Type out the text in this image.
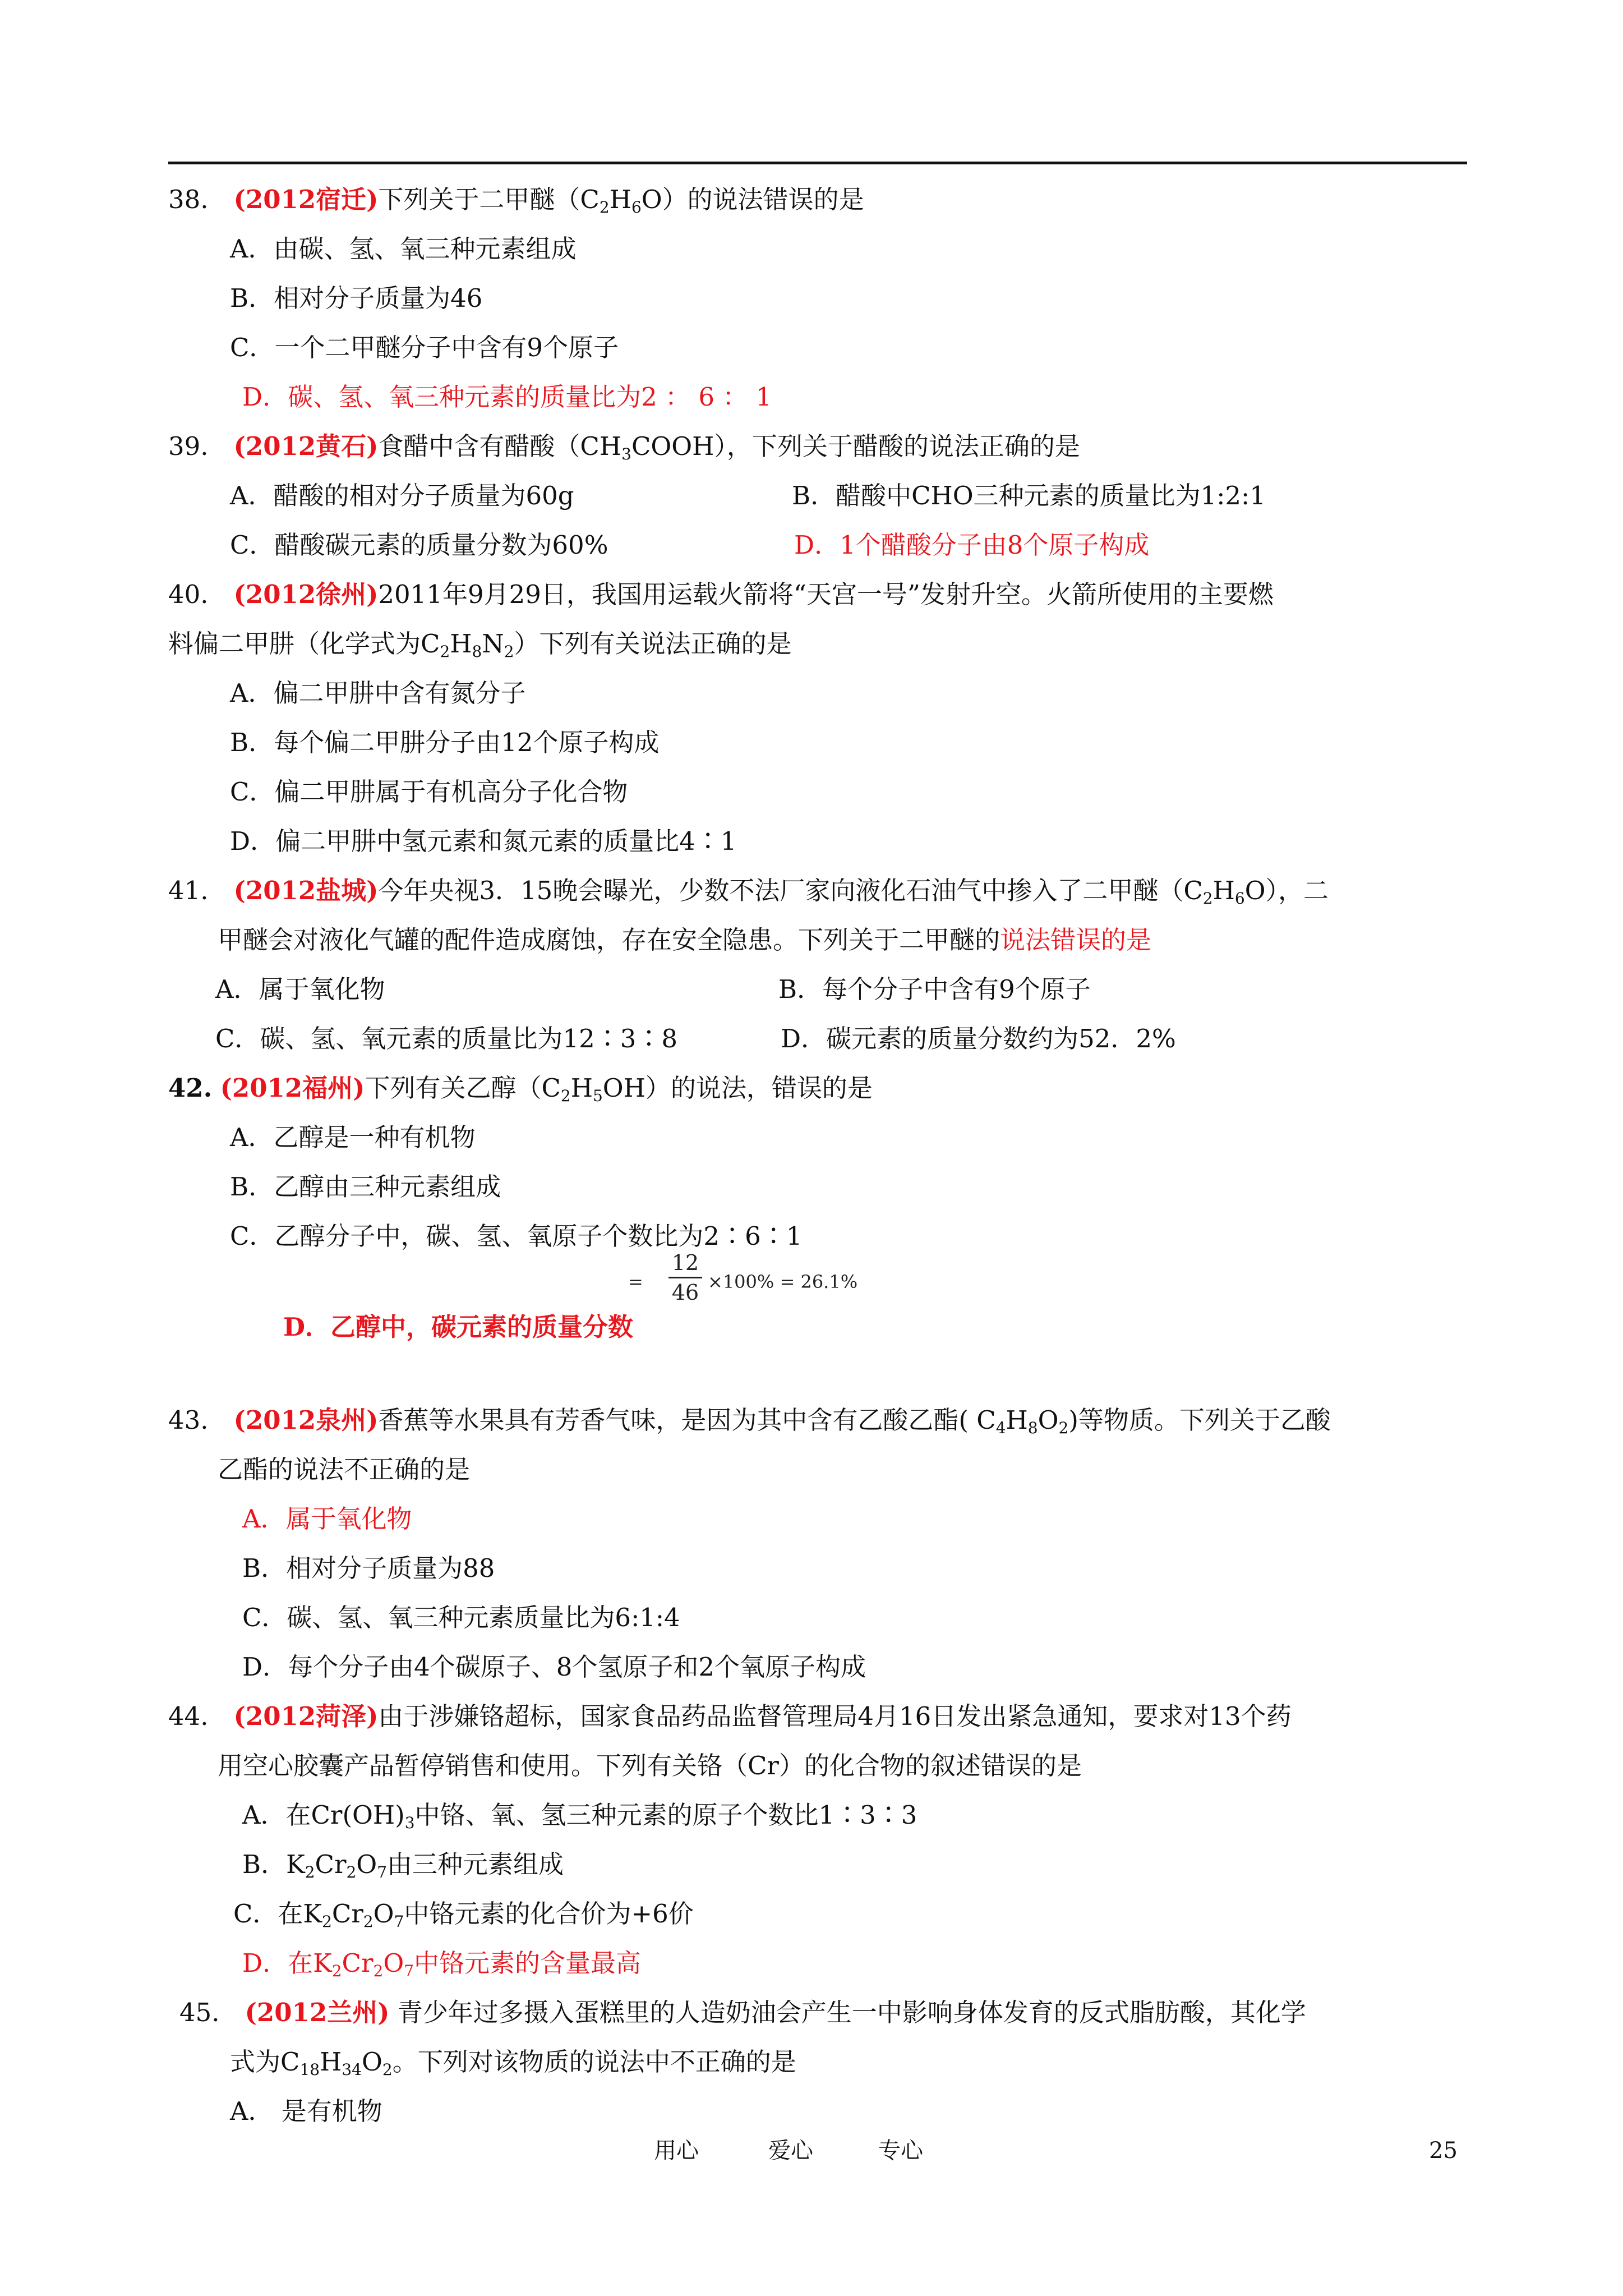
38.　 (2012宿迁)下列关于二甲醚$(C_2H_6O)$的说法错误的是
A．由碳、氢、氧三种元素组成
B．相对分子质量为46
C．一个二甲醚分子中含有9个原子
D．碳、氢、氧三种元素的质量比为2 ： 6 ： 1
39.　 (2012黄石)食醋中含有醋酸$(CH_3COOH)$，下列关于醋酸的说法正确的是
A．醋酸的相对分子质量为60g	B．醋酸中CHO三种元素的质量比为1:2:1
C．醋酸碳元素的质量分数为60%	D．1个醋酸分子由8个原子构成
40.　 (2012徐州)2011年9月29日，我国用运载火箭将“天宫一号”发射升空。火箭所使用的主要燃
料偏二甲肼（化学式为$C_2H_8N_2$）下列有关说法正确的是
A．偏二甲肼中含有氮分子
B．每个偏二甲肼分子由12个原子构成
C．偏二甲肼属于有机高分子化合物
D．偏二甲肼中氢元素和氮元素的质量比4∶1
41.　 (2012盐城)今年央视3．15晚会曝光，少数不法厂家向液化石油气中掺入了二甲醚$(C_2H_6O)$，二
甲醚会对液化气罐的配件造成腐蚀，存在安全隐患。下列关于二甲醚的说法错误的是
A．属于氧化物	B．每个分子中含有9个原子
C．碳、氢、氧元素的质量比为12∶3∶8	D．碳元素的质量分数约为52．2%
42. (2012福州)下列有关乙醇$(C_2H_5OH)$的说法，错误的是
A．乙醇是一种有机物
B．乙醇由三种元素组成
C．乙醇分子中，碳、氢、氧原子个数比为2∶6∶1
=
12
46 ×100% = 26.1%
D．乙醇中，碳元素的质量分数
43.　 (2012泉州)香蕉等水果具有芳香气味，是因为其中含有乙酸乙酯( $C_4H_8O_2$)等物质。下列关于乙酸
乙酯的说法不正确的是
A．属于氧化物
B．相对分子质量为88
C．碳、氢、氧三种元素质量比为6:1:4
D．每个分子由4个碳原子、8个氢原子和2个氧原子构成
44.　 (2012菏泽)由于涉嫌铬超标，国家食品药品监督管理局4月16日发出紧急通知，要求对13个药
用空心胶囊产品暂停销售和使用。下列有关铬（Cr）的化合物的叙述错误的是
A．在$Cr(OH)_3$中铬、氧、氢三种元素的原子个数比1∶3∶3
B．$K_2Cr_2O_7$由三种元素组成
C．在$K_2Cr_2O_7$中铬元素的化合价为+6价
D．在$K_2Cr_2O_7$中铬元素的含量最高
45.　 (2012兰州) 青少年过多摄入蛋糕里的人造奶油会产生一中影响身体发育的反式脂肪酸，其化学
式为$C_{18}H_{34}O_2$。下列对该物质的说法中不正确的是
A． 是有机物
用心	爱心	专心	25
